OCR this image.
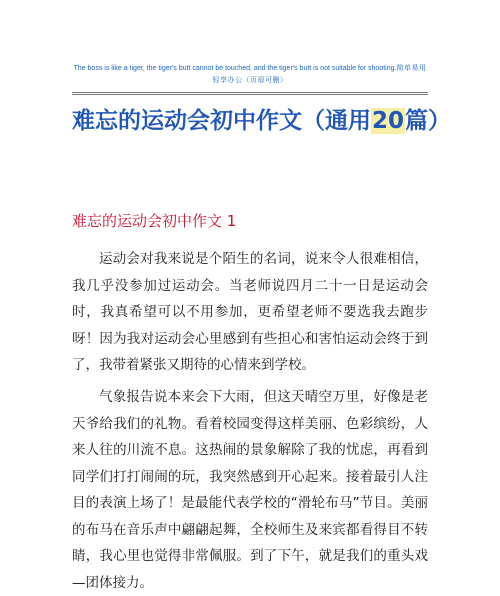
The boss is like a tiger, the tiger's butt cannot be touched, and the tiger's butt is not suitable for shooting.简单易用　轻享办公（页眉可删）
难忘的运动会初中作文（通用20篇）
难忘的运动会初中作文 1
运动会对我来说是个陌生的名词，说来令人很难相信，我几乎没参加过运动会。当老师说四月二十一日是运动会时，我真希望可以不用参加，更希望老师不要选我去跑步呀！因为我对运动会心里感到有些担心和害怕运动会终于到了，我带着紧张又期待的心情来到学校。
气象报告说本来会下大雨，但这天晴空万里，好像是老天爷给我们的礼物。看着校园变得这样美丽、色彩缤纷，人来人往的川流不息。这热闹的景象解除了我的忧虑，再看到同学们打打闹闹的玩，我突然感到开心起来。接着最引人注目的表演上场了！是最能代表学校的“滑轮布马”节目。美丽的布马在音乐声中翩翩起舞，全校师生及来宾都看得目不转睛，我心里也觉得非常佩服。到了下午，就是我们的重头戏—团体接力。
